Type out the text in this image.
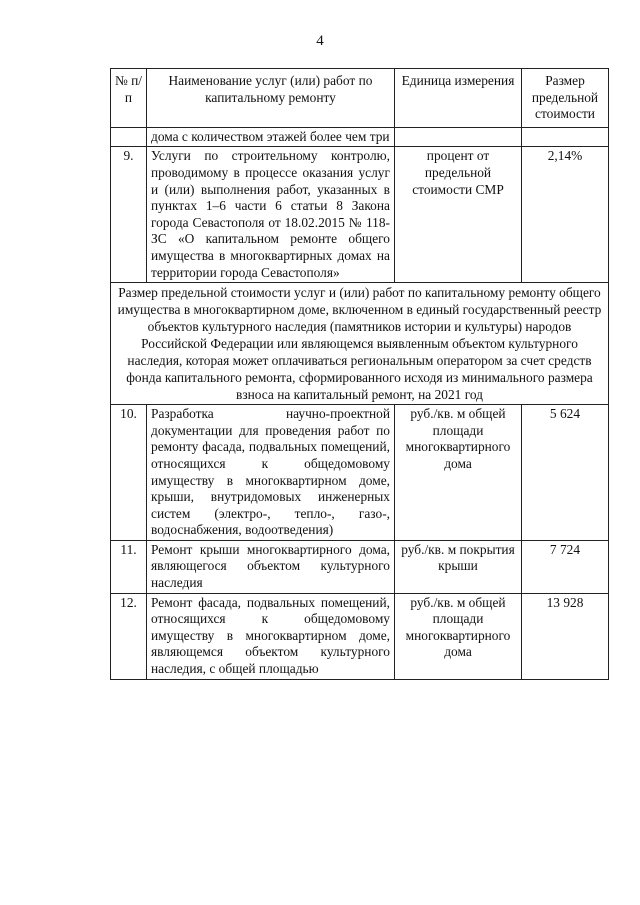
4
№ п/п	Наименование услуг (или) работ по капитальному ремонту	Единица измерения	Размер предельной стоимости

	дома с количеством этажей более чем три		

9.	Услуги по строительному контролю, проводимому в процессе оказания услуг и (или) выполнения работ, указанных в пунктах 1–6 части 6 статьи 8 Закона города Севастополя от 18.02.2015 № 118-ЗС «О капитальном ремонте общего имущества в многоквартирных домах на территории города Севастополя»	процент от предельной стоимости СМР	2,14%
Размер предельной стоимости услуг и (или) работ по капитальному ремонту общего имущества в многоквартирном доме, включенном в единый государственный реестр объектов культурного наследия (памятников истории и культуры) народов Российской Федерации или являющемся выявленным объектом культурного наследия, которая может оплачиваться региональным оператором за счет средств фонда капитального ремонта, сформированного исходя из минимального размера взноса на капитальный ремонт, на 2021 год			
10.	Разработка научно-проектной документации для проведения работ по ремонту фасада, подвальных помещений, относящихся к общедомовому имуществу в многоквартирном доме, крыши, внутридомовых инженерных систем (электро-, тепло-, газо-, водоснабжения, водоотведения)	руб./кв. м общей площади многоквартирного дома	5 624
11.	Ремонт крыши многоквартирного дома, являющегося объектом культурного наследия	руб./кв. м покрытия крыши	7 724
12.	Ремонт фасада, подвальных помещений, относящихся к общедомовому имуществу в многоквартирном доме, являющемся объектом культурного наследия, с общей площадью	руб./кв. м общей площади многоквартирного дома	13 928
